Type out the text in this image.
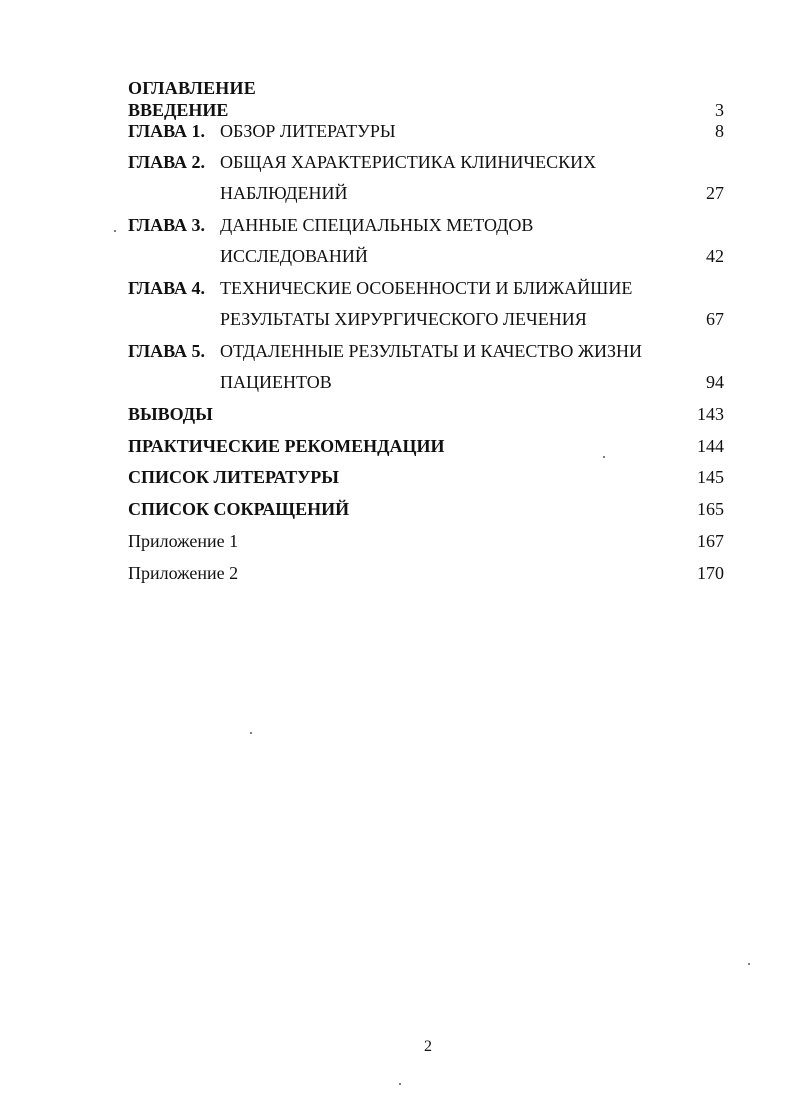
ОГЛАВЛЕНИЕ
ВВЕДЕНИЕ	3
ГЛАВА 1. ОБЗОР ЛИТЕРАТУРЫ	8
ГЛАВА 2. ОБЩАЯ ХАРАКТЕРИСТИКА КЛИНИЧЕСКИХ
НАБЛЮДЕНИЙ	27
ГЛАВА 3. ДАННЫЕ СПЕЦИАЛЬНЫХ МЕТОДОВ
ИССЛЕДОВАНИЙ	42
ГЛАВА 4. ТЕХНИЧЕСКИЕ ОСОБЕННОСТИ И БЛИЖАЙШИЕ
РЕЗУЛЬТАТЫ ХИРУРГИЧЕСКОГО ЛЕЧЕНИЯ	67
ГЛАВА 5. ОТДАЛЕННЫЕ РЕЗУЛЬТАТЫ И КАЧЕСТВО ЖИЗНИ
ПАЦИЕНТОВ	94
ВЫВОДЫ	143
ПРАКТИЧЕСКИЕ РЕКОМЕНДАЦИИ	144
СПИСОК ЛИТЕРАТУРЫ	145
СПИСОК СОКРАЩЕНИЙ	165
Приложение 1	167
Приложение 2	170
2
